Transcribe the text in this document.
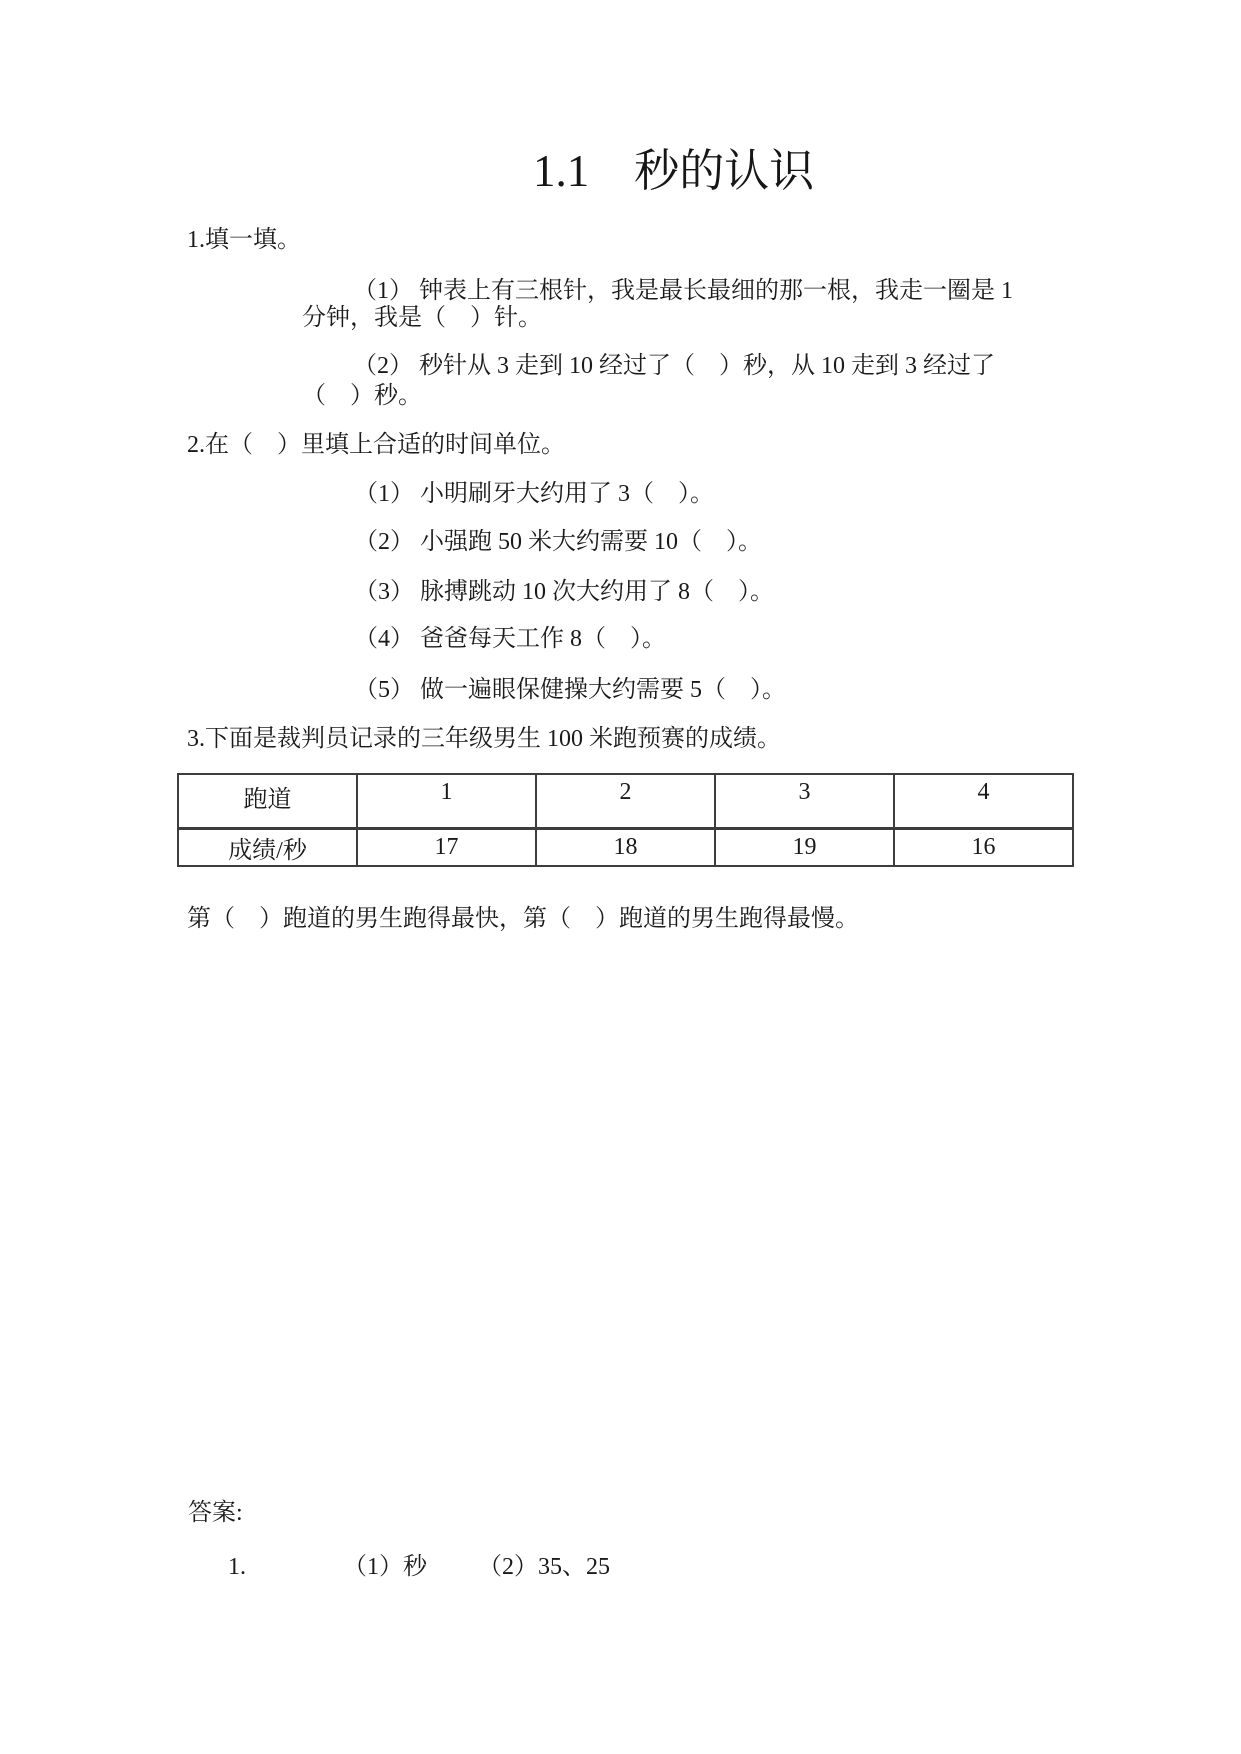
1.1　秒的认识
1.填一填。
（1） 钟表上有三根针，我是最长最细的那一根，我走一圈是 1
分钟，我是（　）针。
（2） 秒针从 3 走到 10 经过了（　）秒，从 10 走到 3 经过了
（　）秒。
2.在（　）里填上合适的时间单位。
（1） 小明刷牙大约用了 3（　）。
（2） 小强跑 50 米大约需要 10（　）。
（3） 脉搏跳动 10 次大约用了 8（　）。
（4） 爸爸每天工作 8（　）。
（5） 做一遍眼保健操大约需要 5（　）。
3.下面是裁判员记录的三年级男生 100 米跑预赛的成绩。
跑道	1	2	3	4
成绩/秒	17	18	19	16
第（　）跑道的男生跑得最快，第（　）跑道的男生跑得最慢。
答案:
1.	（1）秒 （2）35、25
